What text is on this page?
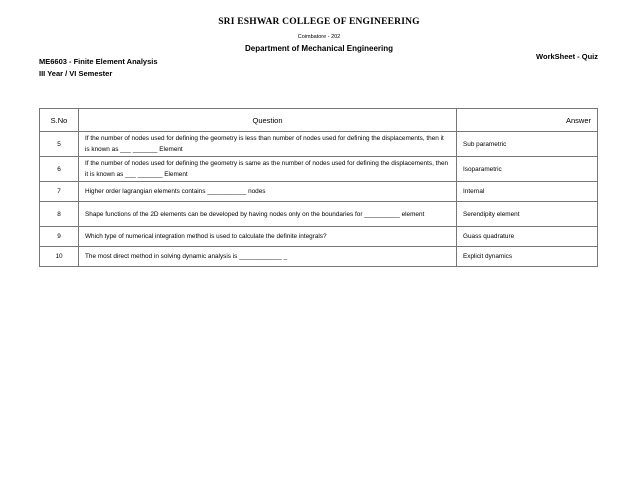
SRI ESHWAR COLLEGE OF ENGINEERING
Coimbatore - 202
Department of Mechanical Engineering
ME6603 - Finite Element Analysis
III Year / VI Semester
WorkSheet - Quiz
S.No	Question	Answer
5	If the number of nodes used for defining the geometry is less than number of nodes used for defining the displacements, then it is known as ___ _______ Element	Sub parametric
6	If the number of nodes used for defining the geometry is same as the number of nodes used for defining the displacements, then it is known as ___ _______ Element	Isoparametric
7	Higher order lagrangian elements contains ___________ nodes	Internal
8	Shape functions of the 2D elements can be developed by having nodes only on the boundaries for __________ element	Serendipity element
9	Which type of numerical integration method is used to calculate the definite integrals?	Guass quadrature
10	The most direct method in solving dynamic analysis is ____________ _	Explicit dynamics
